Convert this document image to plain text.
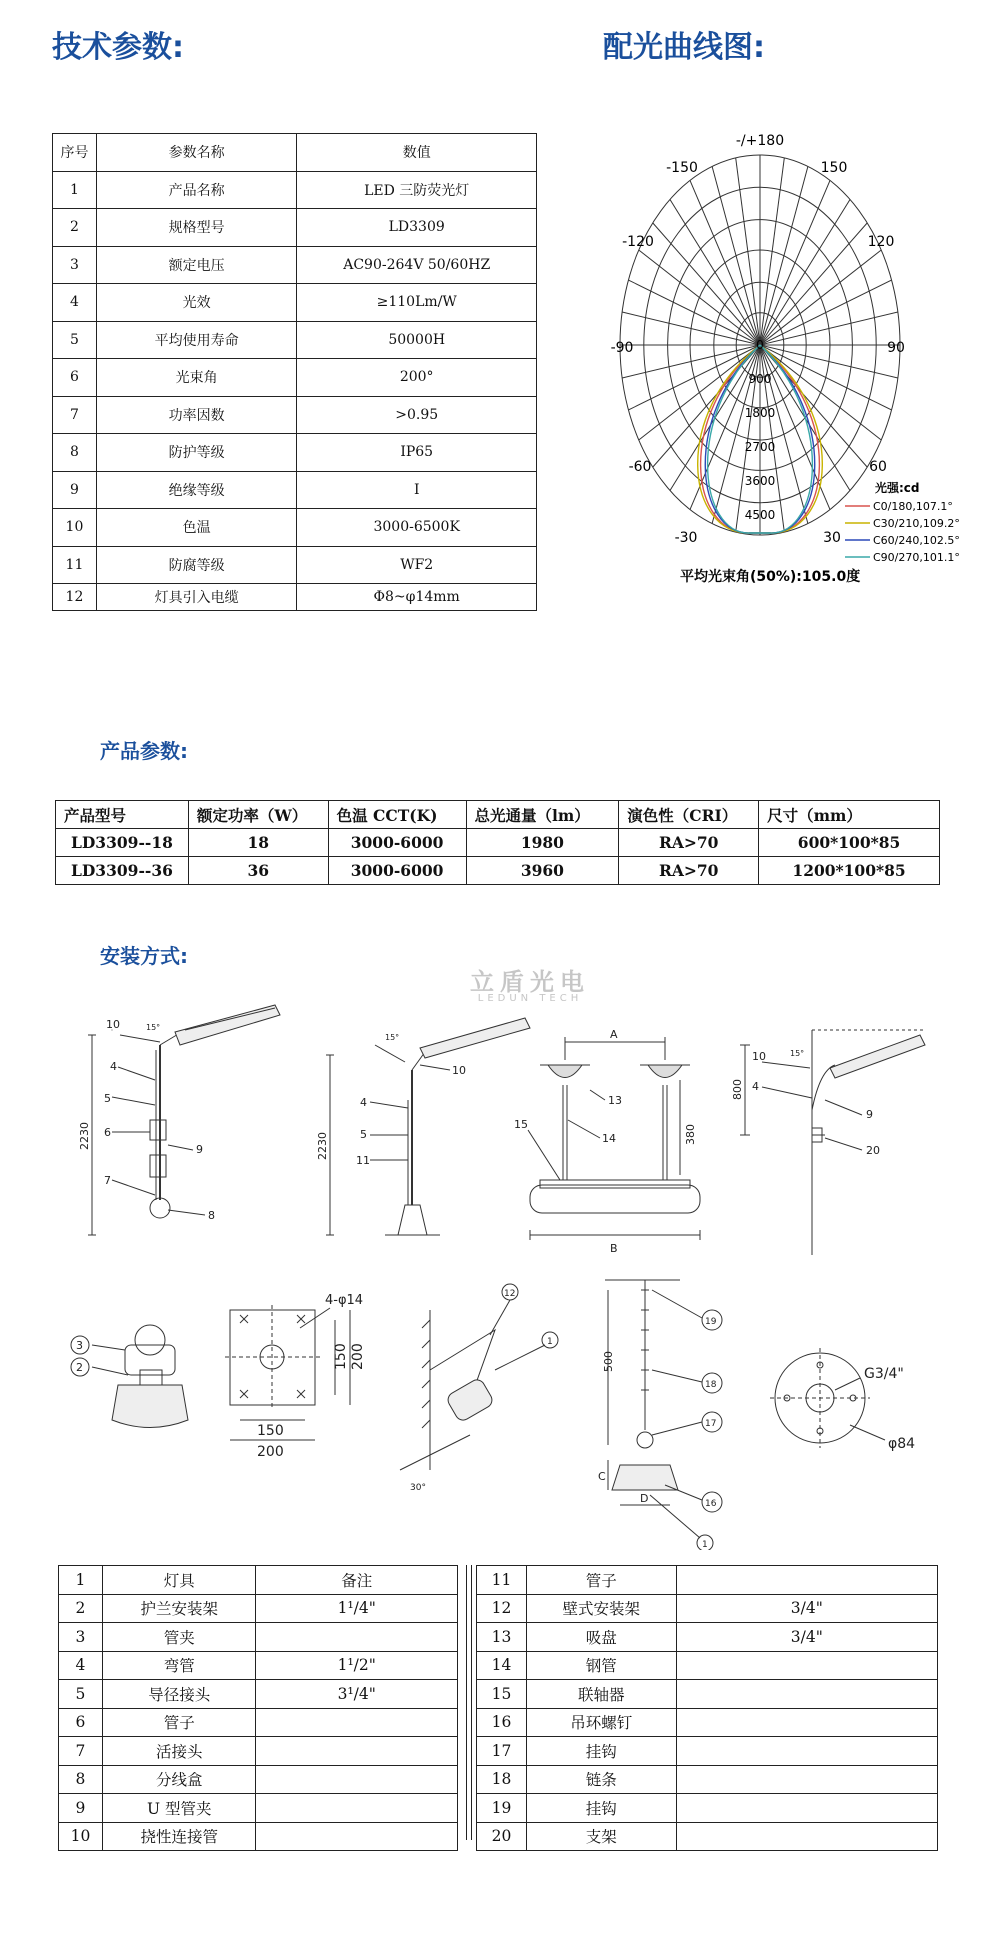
技术参数:	配光曲线图:
序号	参数名称	数值
1	产品名称	LED 三防荧光灯
2	规格型号	LD3309
3	额定电压	AC90-264V 50/60HZ
4	光效	≥110Lm/W
5	平均使用寿命	50000H
6	光束角	200°
7	功率因数	>0.95
8	防护等级	IP65
9	绝缘等级	Ⅰ
10	色温	3000-6500K
11	防腐等级	WF2
12	灯具引入电缆	Φ8~φ14mm
-/+180
-150	150
-120	120
-90	90
-60	60
-30	30
0
900
1800
2700
3600
4500
光强:cd
C0/180,107.1°
C30/210,109.2°
C60/240,102.5°
C90/270,101.1°
平均光束角(50%):105.0度
产品参数:
产品型号	额定功率（W）	色温 CCT(K)	总光通量（lm）	演色性（CRI）	尺寸（mm）
LD3309--18	18	3000-6000	1980	RA>70	600*100*85
LD3309--36	36	3000-6000	3960	RA>70	1200*100*85
安装方式:
立盾光电
LEDUN TECH
10	15°
4
5
6
9
7
8
2230
15°
10
4
5
11
2230
A
13
14
15	380
B
10	15°
4
9
20
800
3
2
4-φ14
150
200
150 200
12
1
30°
19
18
17
16
1
500
C
D
G3/4"
φ84
1	灯具	备注
2	护兰安装架	1¹/4"
3	管夹	
4	弯管	1¹/2"
5	导径接头	3¹/4"
6	管子	
7	活接头	
8	分线盒	
9	U 型管夹	
10	挠性连接管	
11	管子	
12	壁式安装架	3/4"
13	吸盘	3/4"
14	钢管	
15	联轴器	
16	吊环螺钉	
17	挂钩	
18	链条	
19	挂钩	
20	支架	
